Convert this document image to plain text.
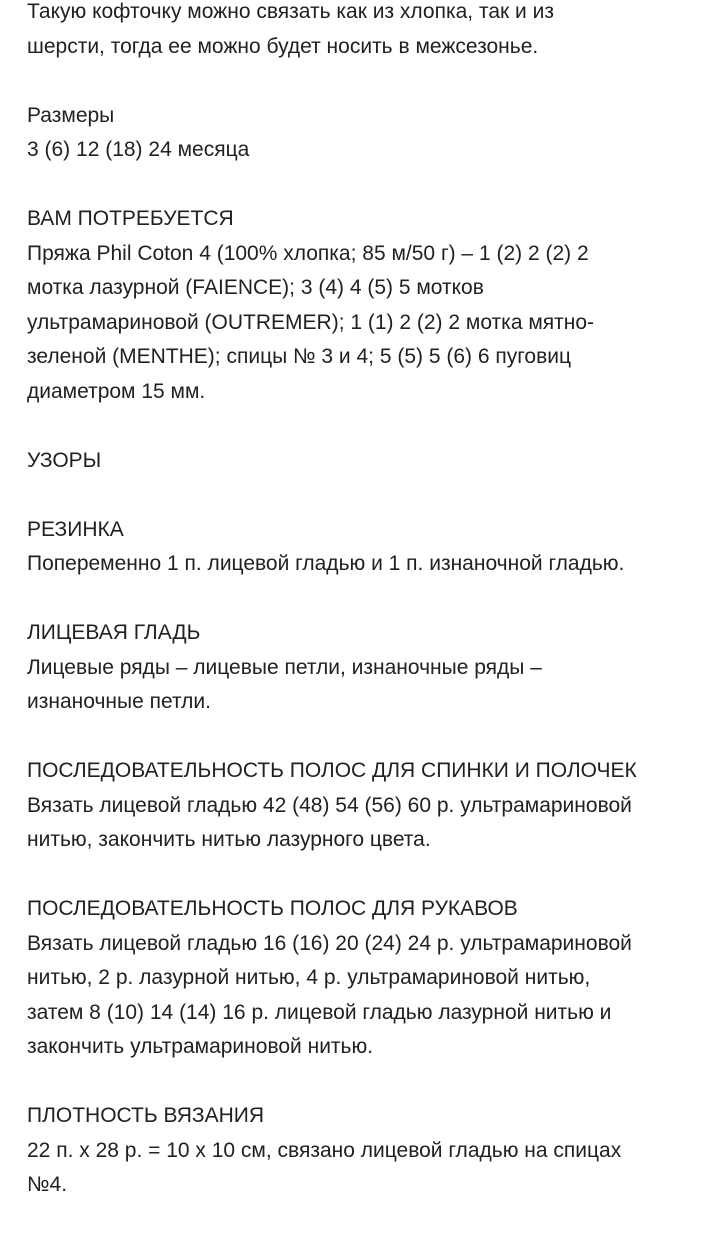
Такую кофточку можно связать как из хлопка, так и из
шерсти, тогда ее можно будет носить в межсезонье.
Размеры
3 (6) 12 (18) 24 месяца
ВАМ ПОТРЕБУЕТСЯ
Пряжа Phil Coton 4 (100% хлопка; 85 м/50 г) – 1 (2) 2 (2) 2
мотка лазурной (FAIENCE); 3 (4) 4 (5) 5 мотков
ультрамариновой (OUTREMER); 1 (1) 2 (2) 2 мотка мятно-
зеленой (MENTHE); спицы № 3 и 4; 5 (5) 5 (6) 6 пуговиц
диаметром 15 мм.
УЗОРЫ
РЕЗИНКА
Попеременно 1 п. лицевой гладью и 1 п. изнаночной гладью.
ЛИЦЕВАЯ ГЛАДЬ
Лицевые ряды – лицевые петли, изнаночные ряды –
изнаночные петли.
ПОСЛЕДОВАТЕЛЬНОСТЬ ПОЛОС ДЛЯ СПИНКИ И ПОЛОЧЕК
Вязать лицевой гладью 42 (48) 54 (56) 60 р. ультрамариновой
нитью, закончить нитью лазурного цвета.
ПОСЛЕДОВАТЕЛЬНОСТЬ ПОЛОС ДЛЯ РУКАВОВ
Вязать лицевой гладью 16 (16) 20 (24) 24 р. ультрамариновой
нитью, 2 р. лазурной нитью, 4 р. ультрамариновой нитью,
затем 8 (10) 14 (14) 16 р. лицевой гладью лазурной нитью и
закончить ультрамариновой нитью.
ПЛОТНОСТЬ ВЯЗАНИЯ
22 п. х 28 р. = 10 х 10 см, связано лицевой гладью на спицах
№4.
